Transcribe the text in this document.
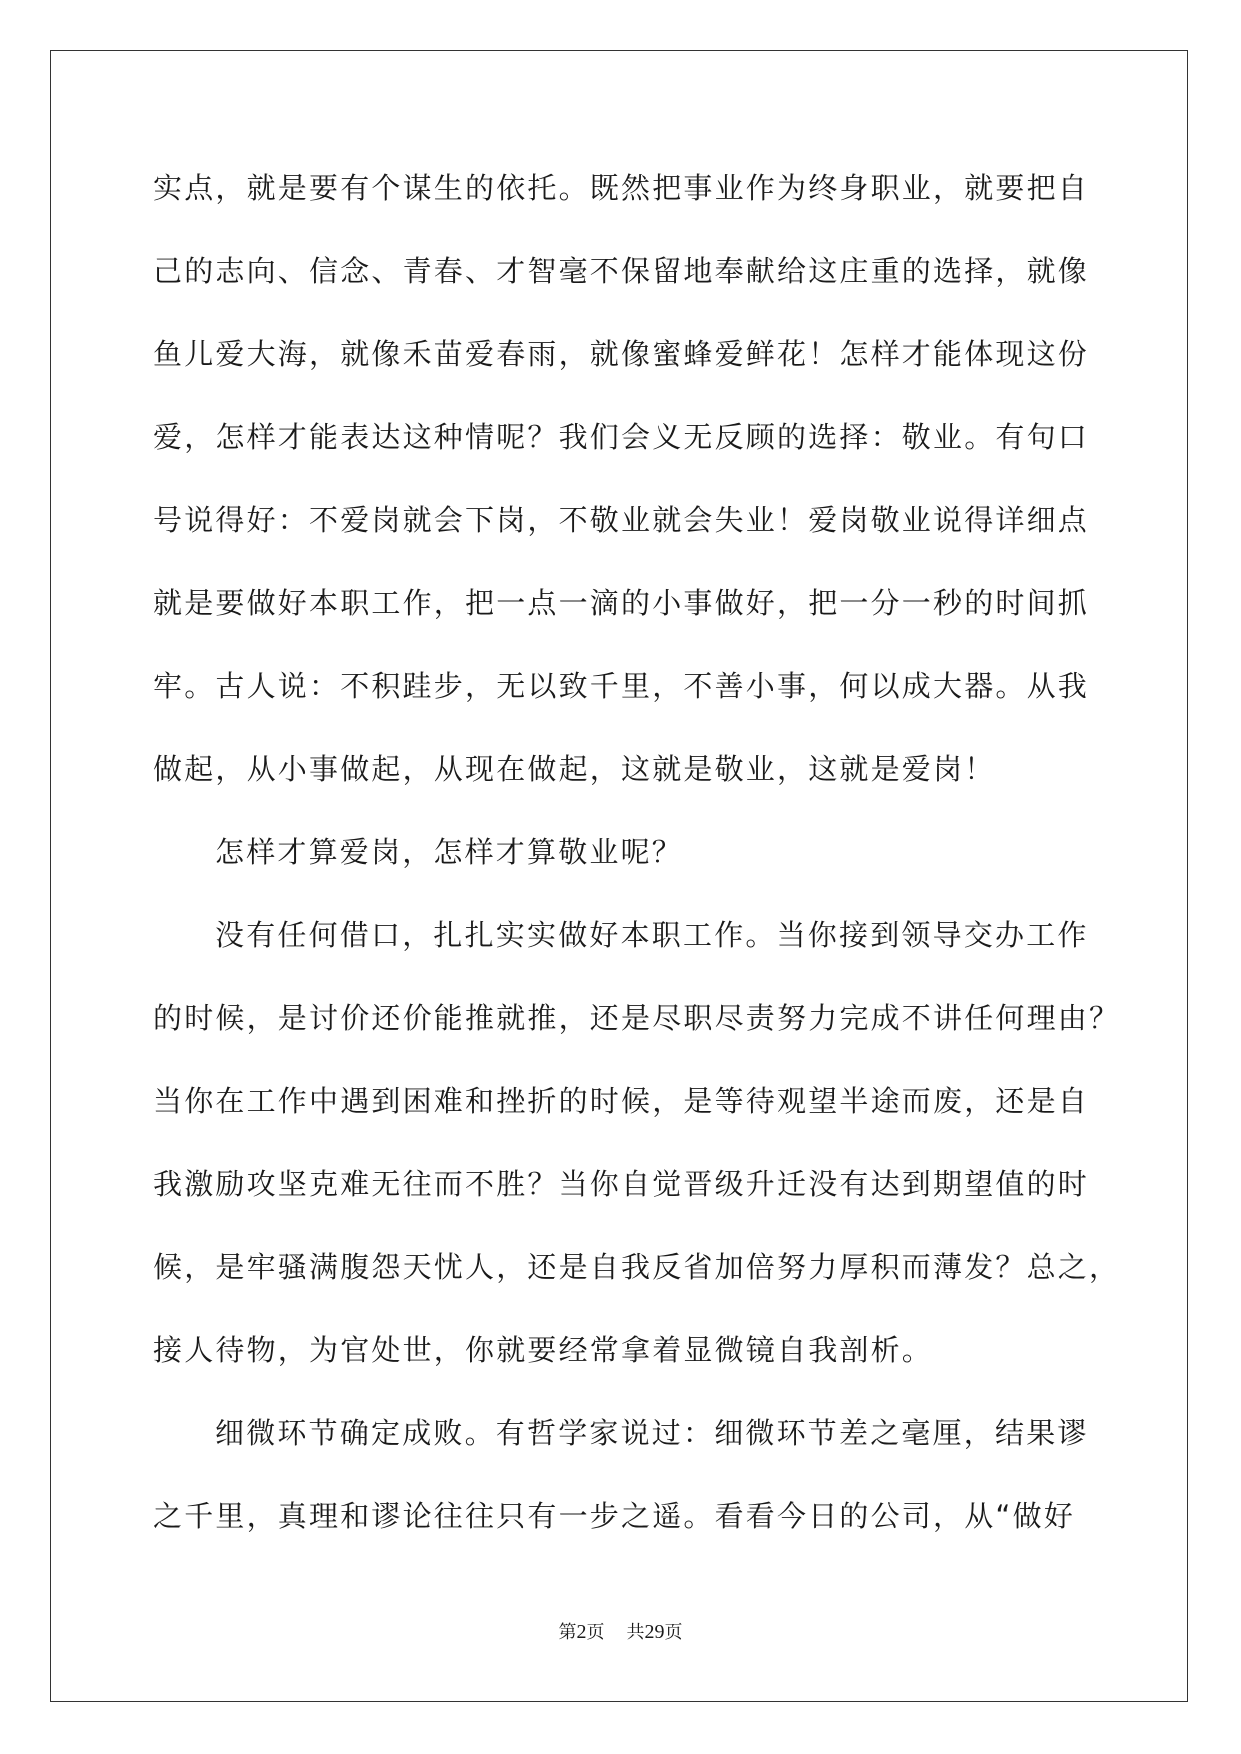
实点，就是要有个谋生的依托。既然把事业作为终身职业，就要把自
己的志向、信念、青春、才智毫不保留地奉献给这庄重的选择，就像
鱼儿爱大海，就像禾苗爱春雨，就像蜜蜂爱鲜花！怎样才能体现这份
爱，怎样才能表达这种情呢？我们会义无反顾的选择：敬业。有句口
号说得好：不爱岗就会下岗，不敬业就会失业！爱岗敬业说得详细点
就是要做好本职工作，把一点一滴的小事做好，把一分一秒的时间抓
牢。古人说：不积跬步，无以致千里，不善小事，何以成大器。从我
做起，从小事做起，从现在做起，这就是敬业，这就是爱岗！
怎样才算爱岗，怎样才算敬业呢？
没有任何借口，扎扎实实做好本职工作。当你接到领导交办工作
的时候，是讨价还价能推就推，还是尽职尽责努力完成不讲任何理由？
当你在工作中遇到困难和挫折的时候，是等待观望半途而废，还是自
我激励攻坚克难无往而不胜？当你自觉晋级升迁没有达到期望值的时
候，是牢骚满腹怨天忧人，还是自我反省加倍努力厚积而薄发？总之，
接人待物，为官处世，你就要经常拿着显微镜自我剖析。
细微环节确定成败。有哲学家说过：细微环节差之毫厘，结果谬
之千里，真理和谬论往往只有一步之遥。看看今日的公司，从“做好
第2页 共29页
